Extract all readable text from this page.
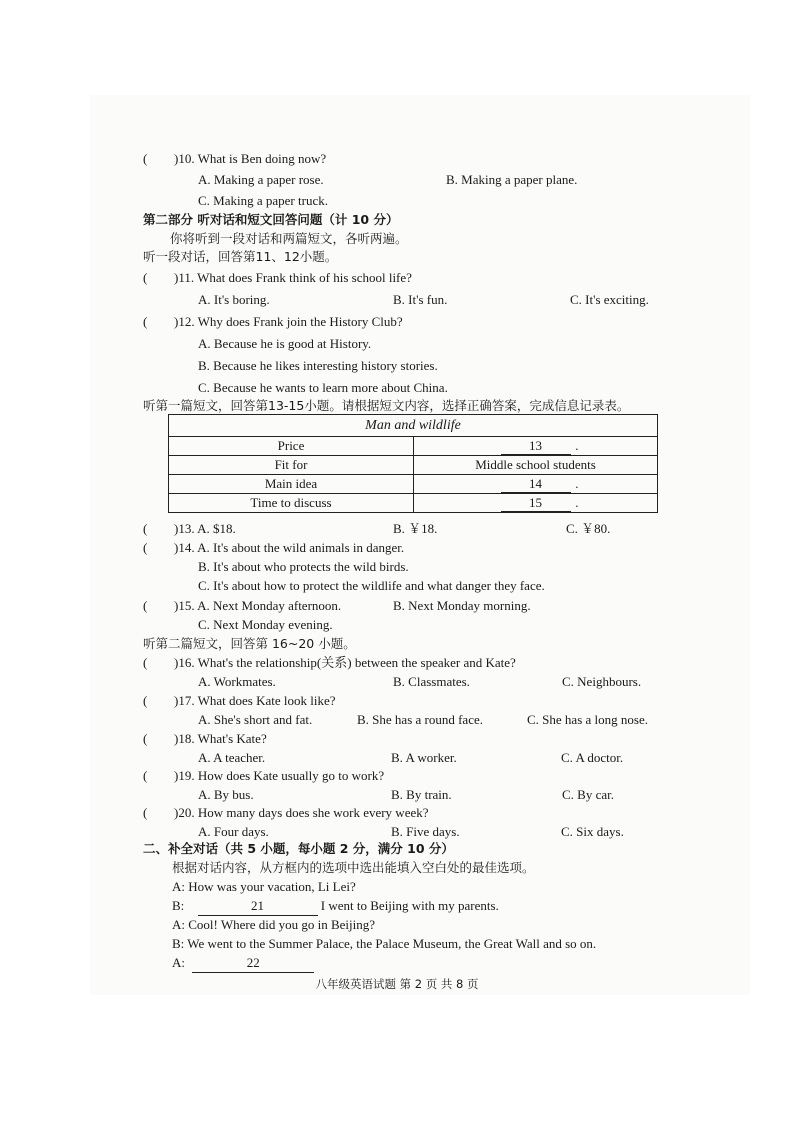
( )10. What is Ben doing now?
A. Making a paper rose.	B. Making a paper plane.
C. Making a paper truck.
第二部分 听对话和短文回答问题（计 10 分）
你将听到一段对话和两篇短文，各听两遍。
听一段对话，回答第11、12小题。
( )11. What does Frank think of his school life?
A. It's boring.	B. It's fun.	C. It's exciting.
( )12. Why does Frank join the History Club?
A. Because he is good at History.
B. Because he likes interesting history stories.
C. Because he wants to learn more about China.
听第一篇短文，回答第13-15小题。请根据短文内容，选择正确答案，完成信息记录表。
Man and wildlife	
Price	13 .

Fit for	Middle school students
Main idea	14 .

Time to discuss	15 .
( )13. A. $18.	B. ￥18.	C. ￥80.
( )14. A. It's about the wild animals in danger.
B. It's about who protects the wild birds.
C. It's about how to protect the wildlife and what danger they face.
( )15. A. Next Monday afternoon.	B. Next Monday morning.
C. Next Monday evening.
听第二篇短文，回答第 16~20 小题。
( )16. What's the relationship(关系) between the speaker and Kate?
A. Workmates.	B. Classmates.	C. Neighbours.
( )17. What does Kate look like?
A. She's short and fat.	B. She has a round face.	C. She has a long nose.
( )18. What's Kate?
A. A teacher.	B. A worker.	C. A doctor.
( )19. How does Kate usually go to work?
A. By bus.	B. By train.	C. By car.
( )20. How many days does she work every week?
A. Four days.	B. Five days.	C. Six days.
二、补全对话（共 5 小题，每小题 2 分，满分 10 分）
根据对话内容，从方框内的选项中选出能填入空白处的最佳选项。
A: How was your vacation, Li Lei?
B:	21	I went to Beijing with my parents.
A: Cool! Where did you go in Beijing?
B: We went to the Summer Palace, the Palace Museum, the Great Wall and so on.
A:	22
八年级英语试题 第 2 页 共 8 页
